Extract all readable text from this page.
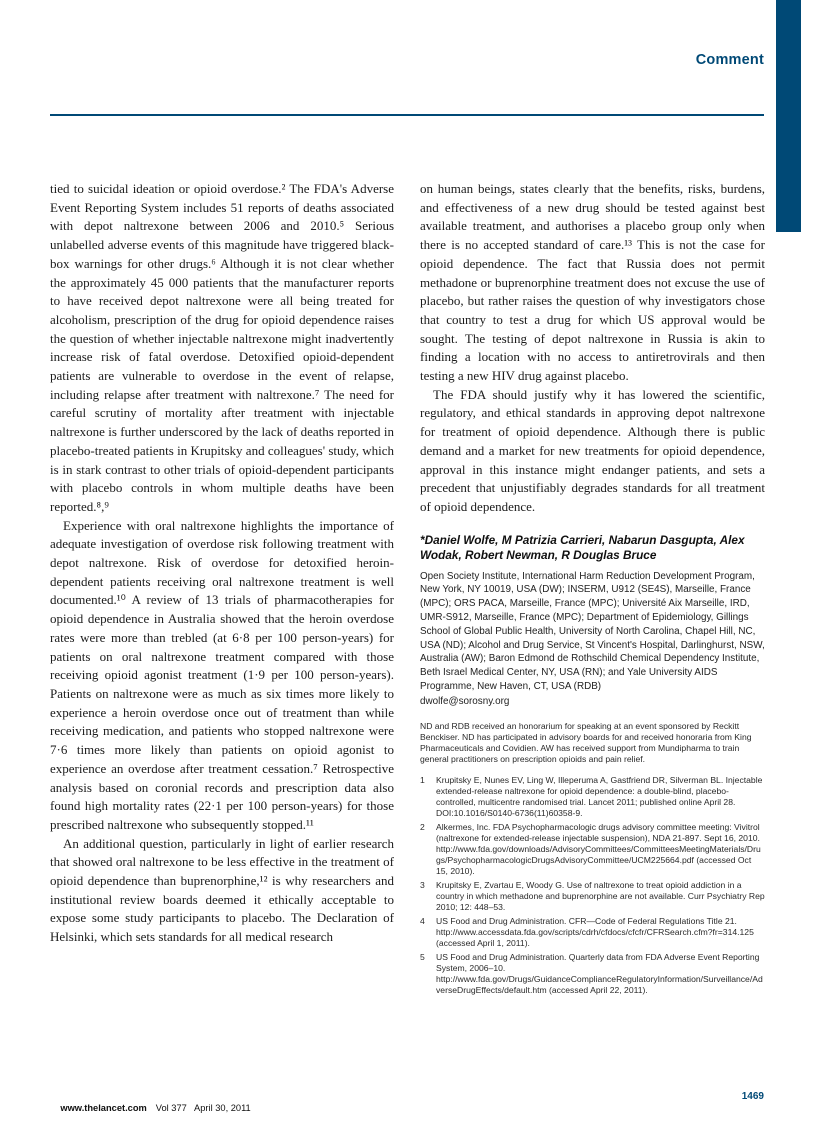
Comment

tied to suicidal ideation or opioid overdose.² The FDA's Adverse Event Reporting System includes 51 reports of deaths associated with depot naltrexone between 2006 and 2010.⁵ Serious unlabelled adverse events of this magnitude have triggered black-box warnings for other drugs.⁶ Although it is not clear whether the approximately 45 000 patients that the manufacturer reports to have received depot naltrexone were all being treated for alcoholism, prescription of the drug for opioid dependence raises the question of whether injectable naltrexone might inadvertently increase risk of fatal overdose. Detoxified opioid-dependent patients are vulnerable to overdose in the event of relapse, including relapse after treatment with naltrexone.⁷ The need for careful scrutiny of mortality after treatment with injectable naltrexone is further underscored by the lack of deaths reported in placebo-treated patients in Krupitsky and colleagues' study, which is in stark contrast to other trials of opioid-dependent participants with placebo controls in whom multiple deaths have been reported.⁸,⁹

Experience with oral naltrexone highlights the importance of adequate investigation of overdose risk following treatment with depot naltrexone. Risk of overdose for detoxified heroin-dependent patients receiving oral naltrexone treatment is well documented.¹⁰ A review of 13 trials of pharmacotherapies for opioid dependence in Australia showed that the heroin overdose rates were more than trebled (at 6·8 per 100 person-years) for patients on oral naltrexone treatment compared with those receiving opioid agonist treatment (1·9 per 100 person-years). Patients on naltrexone were as much as six times more likely to experience a heroin overdose once out of treatment than while receiving medication, and patients who stopped naltrexone were 7·6 times more likely than patients on opioid agonist to experience an overdose after treatment cessation.⁷ Retrospective analysis based on coronial records and prescription data also found high mortality rates (22·1 per 100 person-years) for those prescribed naltrexone who subsequently stopped.¹¹

An additional question, particularly in light of earlier research that showed oral naltrexone to be less effective in the treatment of opioid dependence than buprenorphine,¹² is why researchers and institutional review boards deemed it ethically acceptable to expose some study participants to placebo. The Declaration of Helsinki, which sets standards for all medical research

on human beings, states clearly that the benefits, risks, burdens, and effectiveness of a new drug should be tested against best available treatment, and authorises a placebo group only when there is no accepted standard of care.¹³ This is not the case for opioid dependence. The fact that Russia does not permit methadone or buprenorphine treatment does not excuse the use of placebo, but rather raises the question of why investigators chose that country to test a drug for which US approval would be sought. The testing of depot naltrexone in Russia is akin to finding a location with no access to antiretrovirals and then testing a new HIV drug against placebo.

The FDA should justify why it has lowered the scientific, regulatory, and ethical standards in approving depot naltrexone for treatment of opioid dependence. Although there is public demand and a market for new treatments for opioid dependence, approval in this instance might endanger patients, and sets a precedent that unjustifiably degrades standards for all treatment of opioid dependence.

*Daniel Wolfe, M Patrizia Carrieri, Nabarun Dasgupta, Alex Wodak, Robert Newman, R Douglas Bruce

Open Society Institute, International Harm Reduction Development Program, New York, NY 10019, USA (DW); INSERM, U912 (SE4S), Marseille, France (MPC); ORS PACA, Marseille, France (MPC); Université Aix Marseille, IRD, UMR-S912, Marseille, France (MPC); Department of Epidemiology, Gillings School of Global Public Health, University of North Carolina, Chapel Hill, NC, USA (ND); Alcohol and Drug Service, St Vincent's Hospital, Darlinghurst, NSW, Australia (AW); Baron Edmond de Rothschild Chemical Dependency Institute, Beth Israel Medical Center, NY, USA (RN); and Yale University AIDS Programme, New Haven, CT, USA (RDB)

dwolfe@sorosny.org

ND and RDB received an honorarium for speaking at an event sponsored by Reckitt Benckiser. ND has participated in advisory boards for and received honoraria from King Pharmaceuticals and Covidien. AW has received support from Mundipharma to train general practitioners on prescription opioids and pain relief.

1	Krupitsky E, Nunes EV, Ling W, Illeperuma A, Gastfriend DR, Silverman BL. Injectable extended-release naltrexone for opioid dependence: a double-blind, placebo-controlled, multicentre randomised trial. Lancet 2011; published online April 28. DOI:10.1016/S0140-6736(11)60358-9.
2	Alkermes, Inc. FDA Psychopharmacologic drugs advisory committee meeting: Vivitrol (naltrexone for extended-release injectable suspension), NDA 21-897. Sept 16, 2010. http://www.fda.gov/downloads/AdvisoryCommittees/CommitteesMeetingMaterials/Drugs/PsychopharmacologicDrugsAdvisoryCommittee/UCM225664.pdf (accessed Oct 15, 2010).
3	Krupitsky E, Zvartau E, Woody G. Use of naltrexone to treat opioid addiction in a country in which methadone and buprenorphine are not available. Curr Psychiatry Rep 2010; 12: 448–53.
4	US Food and Drug Administration. CFR—Code of Federal Regulations Title 21. http://www.accessdata.fda.gov/scripts/cdrh/cfdocs/cfcfr/CFRSearch.cfm?fr=314.125 (accessed April 1, 2011).
5	US Food and Drug Administration. Quarterly data from FDA Adverse Event Reporting System, 2006–10. http://www.fda.gov/Drugs/GuidanceComplianceRegulatoryInformation/Surveillance/AdverseDrugEffects/default.htm (accessed April 22, 2011).

www.thelancet.com Vol 377   April 30, 2011

1469
